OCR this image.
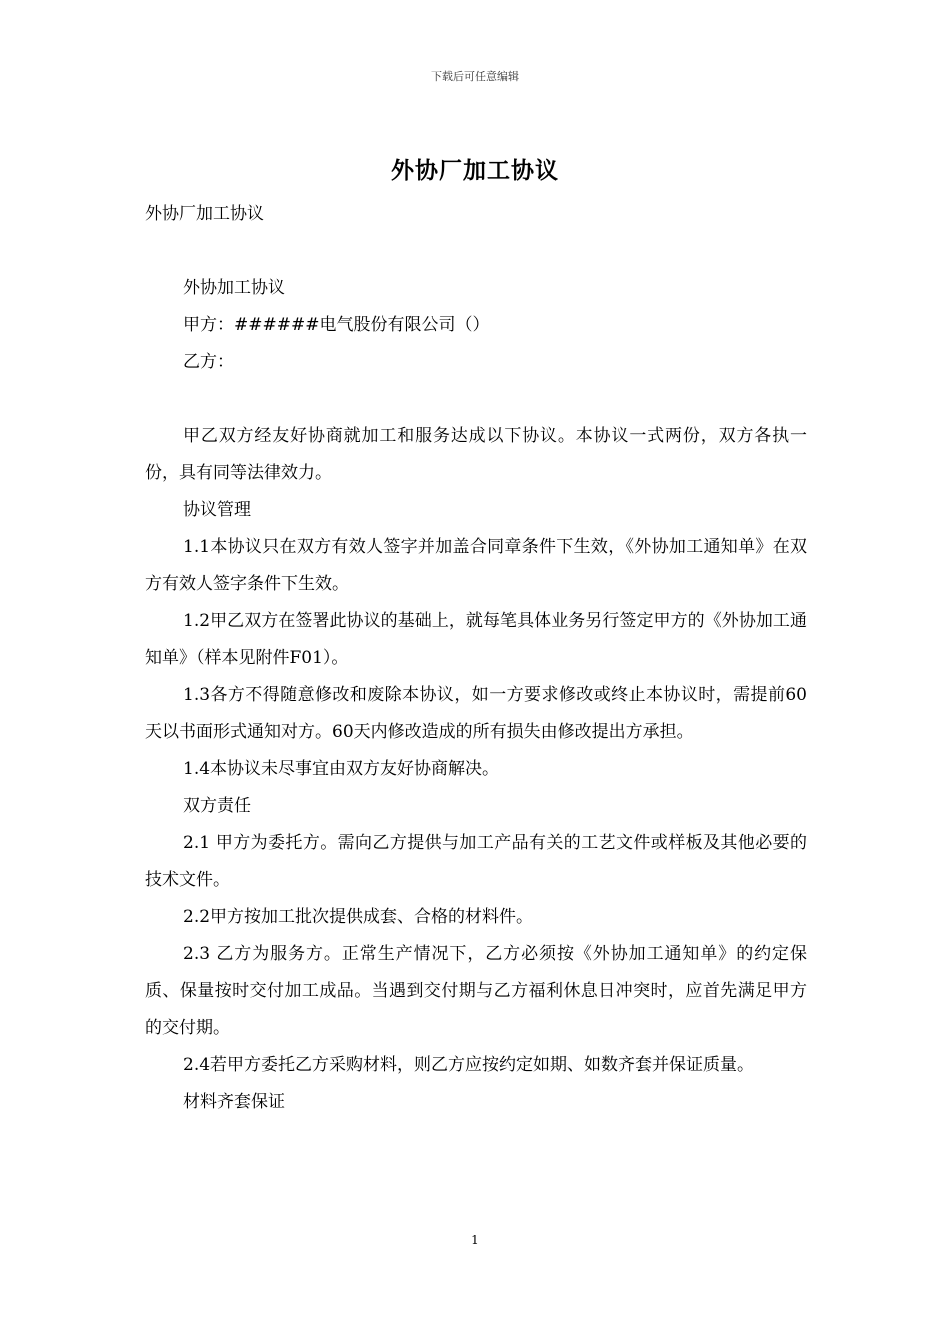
下载后可任意编辑
外协厂加工协议

外协厂加工协议

外协加工协议

甲方：######电气股份有限公司（）

乙方：

甲乙双方经友好协商就加工和服务达成以下协议。本协议一式两份，双方各执一份，具有同等法律效力。

协议管理

1.1本协议只在双方有效人签字并加盖合同章条件下生效，《外协加工通知单》在双方有效人签字条件下生效。

1.2甲乙双方在签署此协议的基础上，就每笔具体业务另行签定甲方的《外协加工通知单》（样本见附件F01）。

1.3各方不得随意修改和废除本协议，如一方要求修改或终止本协议时，需提前60天以书面形式通知对方。60天内修改造成的所有损失由修改提出方承担。

1.4本协议未尽事宜由双方友好协商解决。

双方责任

2.1 甲方为委托方。需向乙方提供与加工产品有关的工艺文件或样板及其他必要的技术文件。

2.2甲方按加工批次提供成套、合格的材料件。

2.3 乙方为服务方。正常生产情况下，乙方必须按《外协加工通知单》的约定保质、保量按时交付加工成品。当遇到交付期与乙方福利休息日冲突时，应首先满足甲方的交付期。

2.4若甲方委托乙方采购材料，则乙方应按约定如期、如数齐套并保证质量。

材料齐套保证

1
